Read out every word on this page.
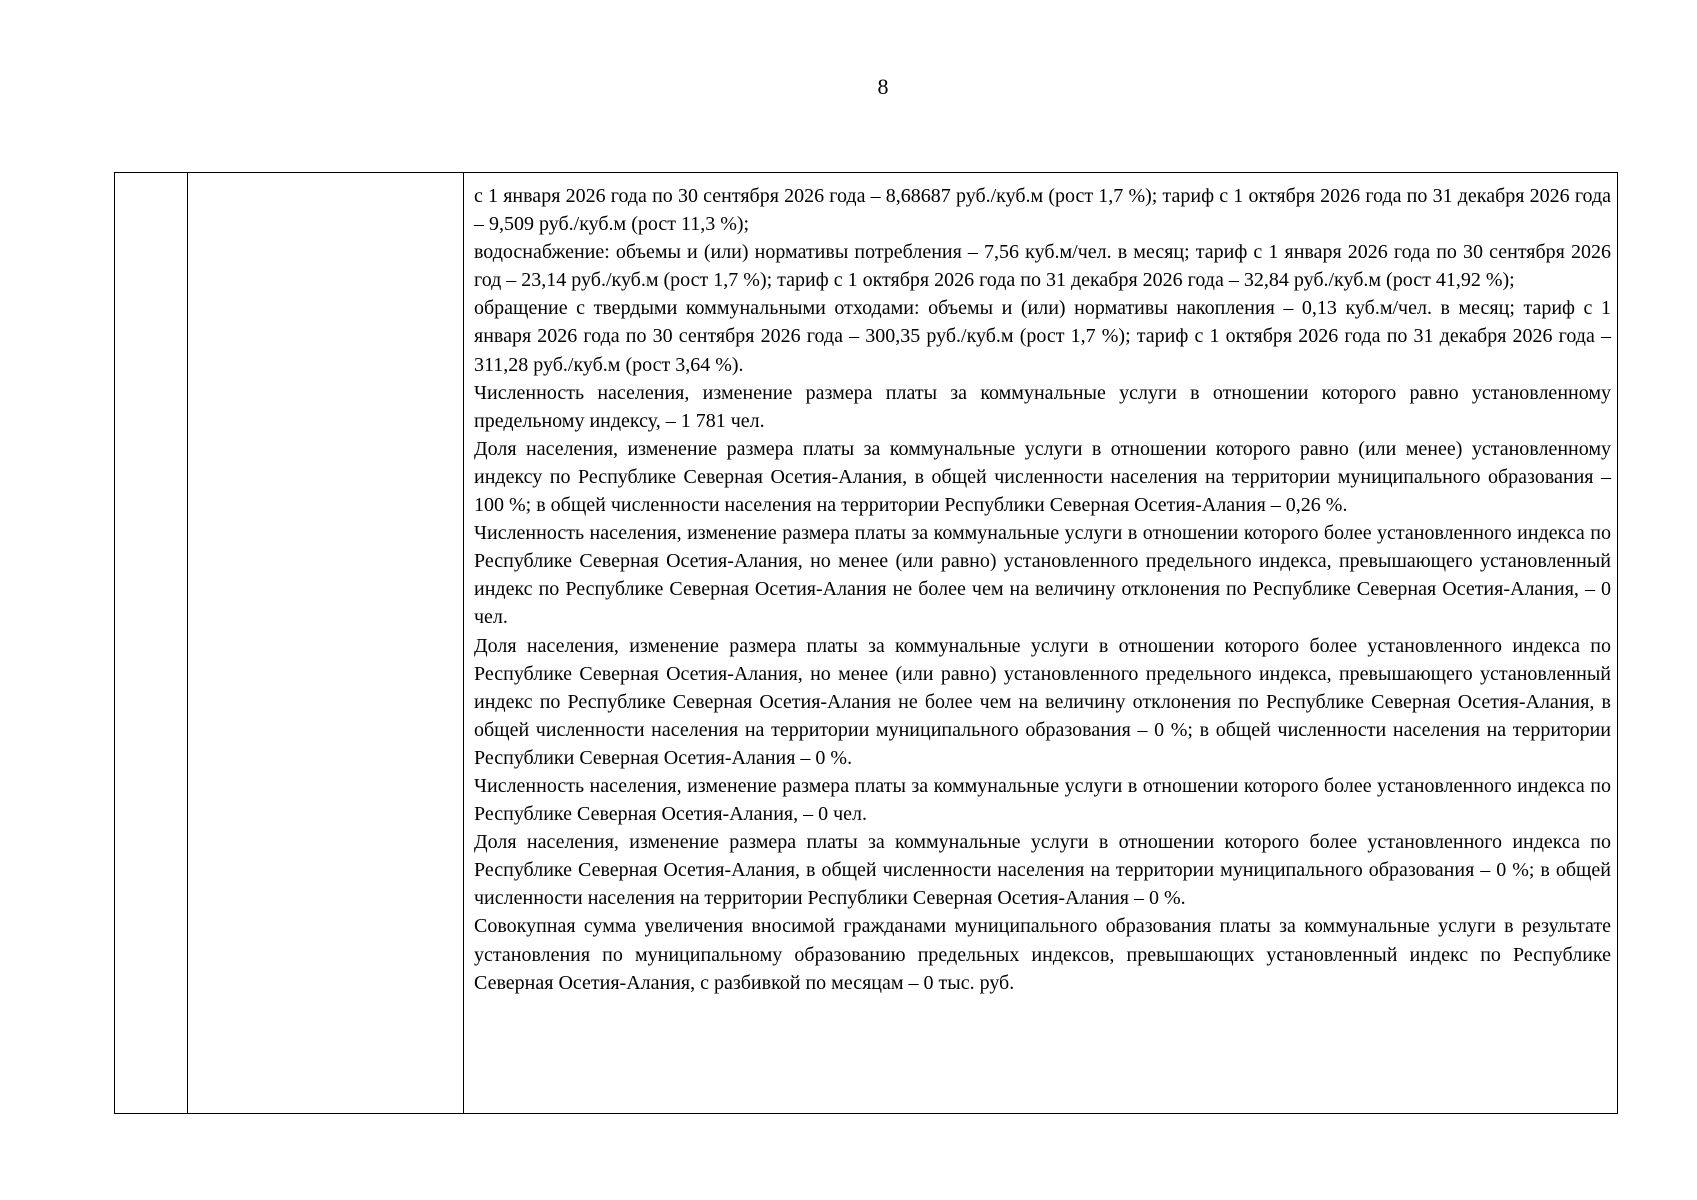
8

с 1 января 2026 года по 30 сентября 2026 года – 8,68687 руб./куб.м (рост 1,7 %); тариф с 1 октября 2026 года по 31 декабря 2026 года – 9,509 руб./куб.м (рост 11,3 %);

водоснабжение: объемы и (или) нормативы потребления – 7,56 куб.м/чел. в месяц; тариф с 1 января 2026 года по 30 сентября 2026 год – 23,14 руб./куб.м (рост 1,7 %); тариф с 1 октября 2026 года по 31 декабря 2026 года – 32,84 руб./куб.м (рост 41,92 %);

обращение с твердыми коммунальными отходами: объемы и (или) нормативы накопления – 0,13 куб.м/чел. в месяц; тариф с 1 января 2026 года по 30 сентября 2026 года – 300,35 руб./куб.м (рост 1,7 %); тариф с 1 октября 2026 года по 31 декабря 2026 года –311,28 руб./куб.м (рост 3,64 %).

Численность населения, изменение размера платы за коммунальные услуги в отношении которого равно установленному предельному индексу, – 1 781 чел.

Доля населения, изменение размера платы за коммунальные услуги в отношении которого равно (или менее) установленному индексу по Республике Северная Осетия-Алания, в общей численности населения на территории муниципального образования – 100 %; в общей численности населения на территории Республики Северная Осетия-Алания – 0,26 %.

Численность населения, изменение размера платы за коммунальные услуги в отношении которого более установленного индекса по Республике Северная Осетия-Алания, но менее (или равно) установленного предельного индекса, превышающего установленный индекс по Республике Северная Осетия-Алания не более чем на величину отклонения по Республике Северная Осетия-Алания, – 0 чел.

Доля населения, изменение размера платы за коммунальные услуги в отношении которого более установленного индекса по Республике Северная Осетия-Алания, но менее (или равно) установленного предельного индекса, превышающего установленный индекс по Республике Северная Осетия-Алания не более чем на величину отклонения по Республике Северная Осетия-Алания, в общей численности населения на территории муниципального образования – 0 %; в общей численности населения на территории Республики Северная Осетия-Алания – 0 %.

Численность населения, изменение размера платы за коммунальные услуги в отношении которого более установленного индекса по Республике Северная Осетия-Алания, – 0 чел.

Доля населения, изменение размера платы за коммунальные услуги в отношении которого более установленного индекса по Республике Северная Осетия-Алания, в общей численности населения на территории муниципального образования – 0 %; в общей численности населения на территории Республики Северная Осетия-Алания – 0 %.

Совокупная сумма увеличения вносимой гражданами муниципального образования платы за коммунальные услуги в результате установления по муниципальному образованию предельных индексов, превышающих установленный индекс по Республике Северная Осетия-Алания, с разбивкой по месяцам – 0 тыс. руб.
